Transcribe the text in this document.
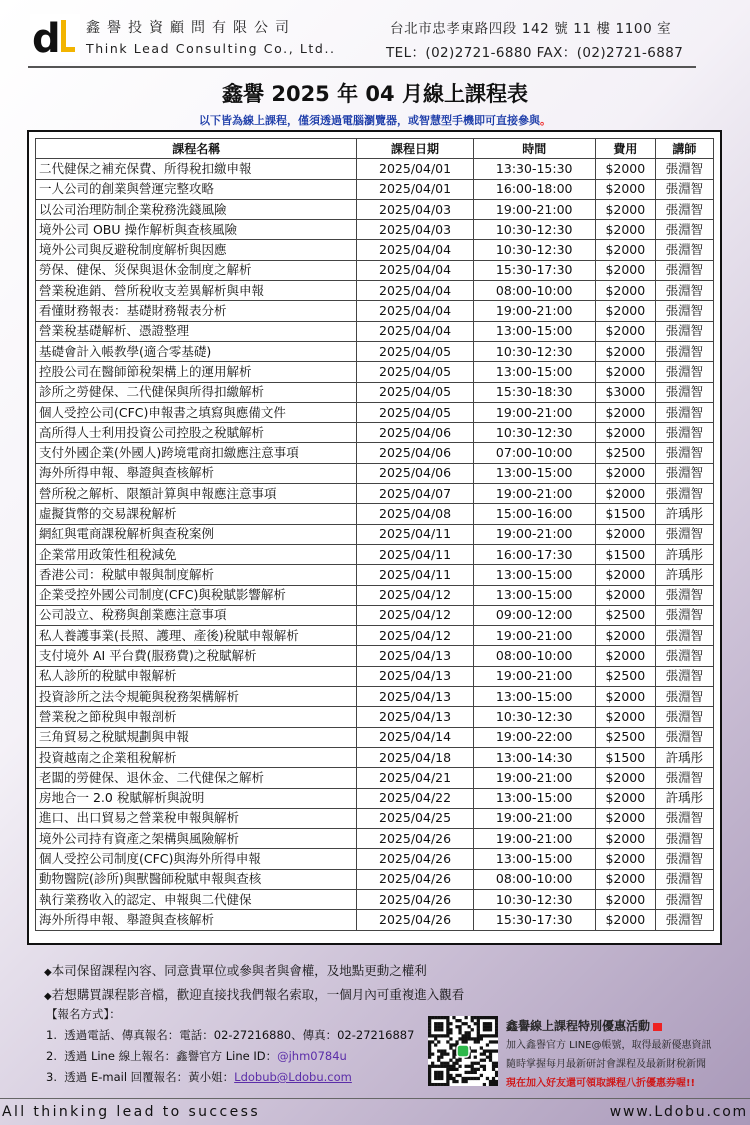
d 鑫譽投資顧問有限公司
Think Lead Consulting Co., Ltd..
台北市忠孝東路四段 142 號 11 樓 1100 室
TEL：(02)2721-6880 FAX：(02)2721-6887
鑫譽 2025 年 04 月線上課程表
以下皆為線上課程，僅須透過電腦瀏覽器，或智慧型手機即可直接參與。
課程名稱	課程日期	時間	費用	講師
二代健保之補充保費、所得稅扣繳申報	2025/04/01	13:30-15:30	$2000	張淵智
一人公司的創業與營運完整攻略	2025/04/01	16:00-18:00	$2000	張淵智
以公司治理防制企業稅務洗錢風險	2025/04/03	19:00-21:00	$2000	張淵智
境外公司 OBU 操作解析與查核風險	2025/04/03	10:30-12:30	$2000	張淵智
境外公司與反避稅制度解析與因應	2025/04/04	10:30-12:30	$2000	張淵智
勞保、健保、災保與退休金制度之解析	2025/04/04	15:30-17:30	$2000	張淵智
營業稅進銷、營所稅收支差異解析與申報	2025/04/04	08:00-10:00	$2000	張淵智
看懂財務報表：基礎財務報表分析	2025/04/04	19:00-21:00	$2000	張淵智
營業稅基礎解析、憑證整理	2025/04/04	13:00-15:00	$2000	張淵智
基礎會計入帳教學(適合零基礎)	2025/04/05	10:30-12:30	$2000	張淵智
控股公司在醫師節稅架構上的運用解析	2025/04/05	13:00-15:00	$2000	張淵智
診所之勞健保、二代健保與所得扣繳解析	2025/04/05	15:30-18:30	$3000	張淵智
個人受控公司(CFC)申報書之填寫與應備文件	2025/04/05	19:00-21:00	$2000	張淵智
高所得人士利用投資公司控股之稅賦解析	2025/04/06	10:30-12:30	$2000	張淵智
支付外國企業(外國人)跨境電商扣繳應注意事項	2025/04/06	07:00-10:00	$2500	張淵智
海外所得申報、舉證與查核解析	2025/04/06	13:00-15:00	$2000	張淵智
營所稅之解析、限額計算與申報應注意事項	2025/04/07	19:00-21:00	$2000	張淵智
虛擬貨幣的交易課稅解析	2025/04/08	15:00-16:00	$1500	許瑀彤
網紅與電商課稅解析與查稅案例	2025/04/11	19:00-21:00	$2000	張淵智
企業常用政策性租稅減免	2025/04/11	16:00-17:30	$1500	許瑀彤
香港公司：稅賦申報與制度解析	2025/04/11	13:00-15:00	$2000	許瑀彤
企業受控外國公司制度(CFC)與稅賦影響解析	2025/04/12	13:00-15:00	$2000	張淵智
公司設立、稅務與創業應注意事項	2025/04/12	09:00-12:00	$2500	張淵智
私人養護事業(長照、護理、產後)稅賦申報解析	2025/04/12	19:00-21:00	$2000	張淵智
支付境外 AI 平台費(服務費)之稅賦解析	2025/04/13	08:00-10:00	$2000	張淵智
私人診所的稅賦申報解析	2025/04/13	19:00-21:00	$2500	張淵智
投資診所之法令規範與稅務架構解析	2025/04/13	13:00-15:00	$2000	張淵智
營業稅之節稅與申報剖析	2025/04/13	10:30-12:30	$2000	張淵智
三角貿易之稅賦規劃與申報	2025/04/14	19:00-22:00	$2500	張淵智
投資越南之企業租稅解析	2025/04/18	13:00-14:30	$1500	許瑀彤
老闆的勞健保、退休金、二代健保之解析	2025/04/21	19:00-21:00	$2000	張淵智
房地合一 2.0 稅賦解析與說明	2025/04/22	13:00-15:00	$2000	許瑀彤
進口、出口貿易之營業稅申報與解析	2025/04/25	19:00-21:00	$2000	張淵智
境外公司持有資產之架構與風險解析	2025/04/26	19:00-21:00	$2000	張淵智
個人受控公司制度(CFC)與海外所得申報	2025/04/26	13:00-15:00	$2000	張淵智
動物醫院(診所)與獸醫師稅賦申報與查核	2025/04/26	08:00-10:00	$2000	張淵智
執行業務收入的認定、申報與二代健保	2025/04/26	10:30-12:30	$2000	張淵智
海外所得申報、舉證與查核解析	2025/04/26	15:30-17:30	$2000	張淵智
◆本司保留課程內容、同意貴單位或參與者與會權，及地點更動之權利
◆若想購買課程影音檔，歡迎直接找我們報名索取，一個月內可重複進入觀看
【報名方式】：
1. 透過電話、傳真報名：電話：02-27216880、傳真：02-27216887
2. 透過 Line 線上報名：鑫譽官方 Line ID：@jhm0784u
3. 透過 E-mail 回覆報名：黃小姐：Ldobub@Ldobu.com
鑫譽線上課程特別優惠活動
加入鑫譽官方 LINE@帳號，取得最新優惠資訊
隨時掌握每月最新研討會課程及最新財稅新聞
現在加入好友還可領取課程八折優惠券喔!!
All thinking lead to success	www.Ldobu.com
